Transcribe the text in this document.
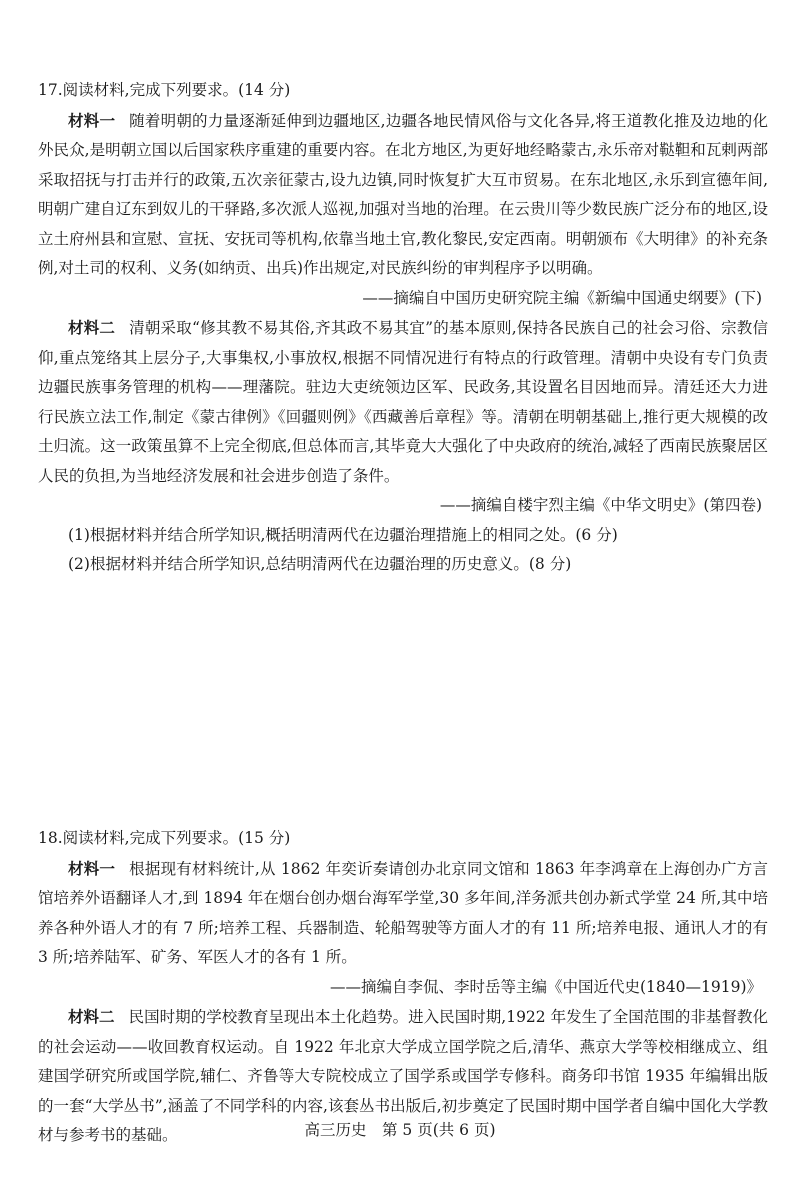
17.阅读材料,完成下列要求。(14 分)

材料一 随着明朝的力量逐渐延伸到边疆地区,边疆各地民情风俗与文化各异,将王道教化推及边地的化外民众,是明朝立国以后国家秩序重建的重要内容。在北方地区,为更好地经略蒙古,永乐帝对鞑靼和瓦剌两部采取招抚与打击并行的政策,五次亲征蒙古,设九边镇,同时恢复扩大互市贸易。在东北地区,永乐到宣德年间,明朝广建自辽东到奴儿的干驿路,多次派人巡视,加强对当地的治理。在云贵川等少数民族广泛分布的地区,设立土府州县和宣慰、宣抚、安抚司等机构,依靠当地土官,教化黎民,安定西南。明朝颁布《大明律》的补充条例,对土司的权利、义务(如纳贡、出兵)作出规定,对民族纠纷的审判程序予以明确。

——摘编自中国历史研究院主编《新编中国通史纲要》(下)

材料二 清朝采取“修其教不易其俗,齐其政不易其宜”的基本原则,保持各民族自己的社会习俗、宗教信仰,重点笼络其上层分子,大事集权,小事放权,根据不同情况进行有特点的行政管理。清朝中央设有专门负责边疆民族事务管理的机构——理藩院。驻边大吏统领边区军、民政务,其设置名目因地而异。清廷还大力进行民族立法工作,制定《蒙古律例》《回疆则例》《西藏善后章程》等。清朝在明朝基础上,推行更大规模的改土归流。这一政策虽算不上完全彻底,但总体而言,其毕竟大大强化了中央政府的统治,减轻了西南民族聚居区人民的负担,为当地经济发展和社会进步创造了条件。

——摘编自楼宇烈主编《中华文明史》(第四卷)

(1)根据材料并结合所学知识,概括明清两代在边疆治理措施上的相同之处。(6 分)

(2)根据材料并结合所学知识,总结明清两代在边疆治理的历史意义。(8 分)

18.阅读材料,完成下列要求。(15 分)

材料一 根据现有材料统计,从 1862 年奕䜣奏请创办北京同文馆和 1863 年李鸿章在上海创办广方言馆培养外语翻译人才,到 1894 年在烟台创办烟台海军学堂,30 多年间,洋务派共创办新式学堂 24 所,其中培养各种外语人才的有 7 所;培养工程、兵器制造、轮船驾驶等方面人才的有 11 所;培养电报、通讯人才的有 3 所;培养陆军、矿务、军医人才的各有 1 所。

——摘编自李侃、李时岳等主编《中国近代史(1840—1919)》

材料二 民国时期的学校教育呈现出本土化趋势。进入民国时期,1922 年发生了全国范围的非基督教化的社会运动——收回教育权运动。自 1922 年北京大学成立国学院之后,清华、燕京大学等校相继成立、组建国学研究所或国学院,辅仁、齐鲁等大专院校成立了国学系或国学专修科。商务印书馆 1935 年编辑出版的一套“大学丛书”,涵盖了不同学科的内容,该套丛书出版后,初步奠定了民国时期中国学者自编中国化大学教材与参考书的基础。	高三历史　第 5 页(共 6 页)
